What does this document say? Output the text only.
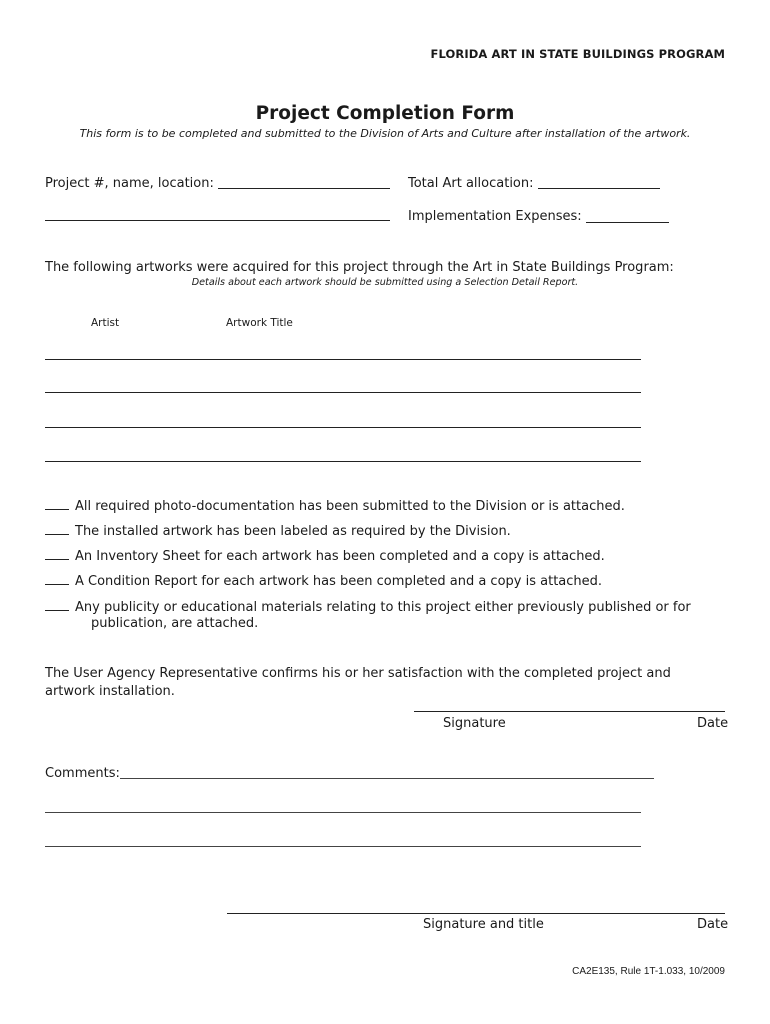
FLORIDA ART IN STATE BUILDINGS PROGRAM
Project Completion Form
This form is to be completed and submitted to the Division of Arts and Culture after installation of the artwork.
Project #, name, location:	Total Art allocation:
Implementation Expenses:
The following artworks were acquired for this project through the Art in State Buildings Program:
Details about each artwork should be submitted using a Selection Detail Report.
Artist	Artwork Title
All required photo-documentation has been submitted to the Division or is attached.
The installed artwork has been labeled as required by the Division.
An Inventory Sheet for each artwork has been completed and a copy is attached.
A Condition Report for each artwork has been completed and a copy is attached.
Any publicity or educational materials relating to this project either previously published or for
publication, are attached.
The User Agency Representative confirms his or her satisfaction with the completed project and
artwork installation.
Signature	Date
Comments:
Signature and title	Date
CA2E135, Rule 1T-1.033, 10/2009
